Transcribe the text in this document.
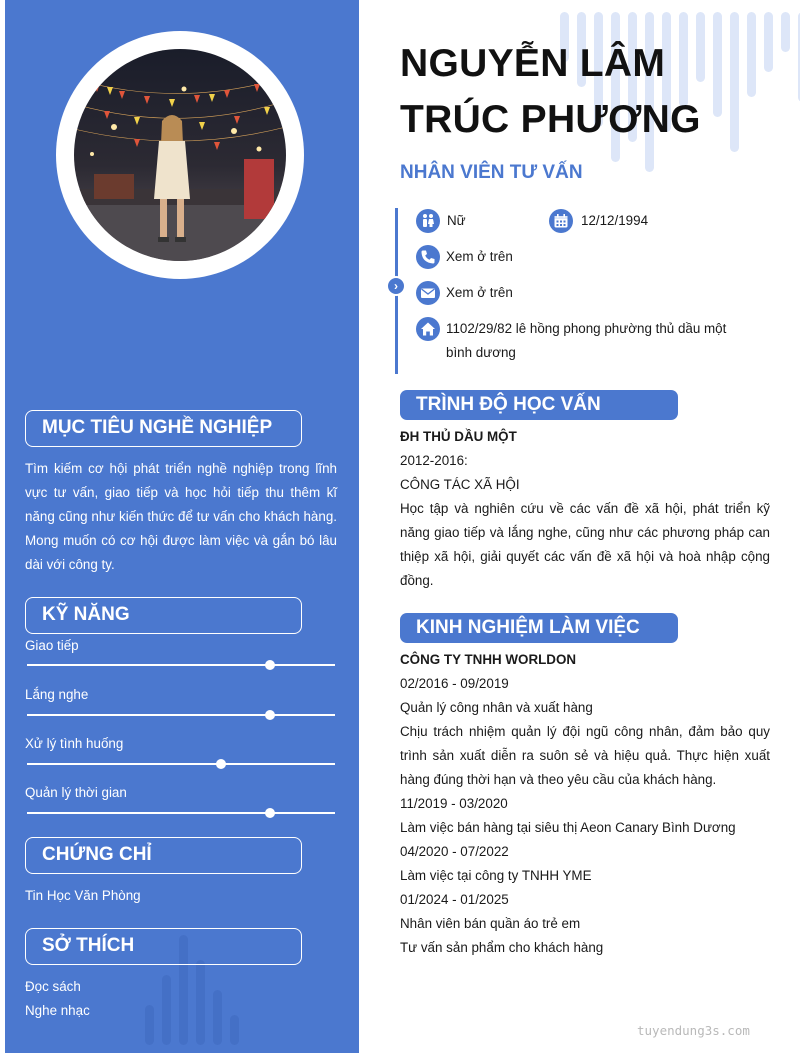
MỤC TIÊU NGHỀ NGHIỆP
Tìm kiếm cơ hội phát triển nghề nghiệp trong lĩnh vực tư vấn, giao tiếp và học hỏi tiếp thu thêm kĩ năng cũng như kiến thức để tư vấn cho khách hàng. Mong muốn có cơ hội được làm việc và gắn bó lâu dài với công ty.
KỸ NĂNG
Giao tiếp
Lắng nghe
Xử lý tình huống
Quản lý thời gian
CHỨNG CHỈ
Tin Học Văn Phòng
SỞ THÍCH
Đọc sách
Nghe nhạc
NGUYỄN LÂM
TRÚC PHƯƠNG
NHÂN VIÊN TƯ VẤN
›
Nữ	12/12/1994
Xem ở trên
Xem ở trên
1102/29/82 lê hồng phong phường thủ dầu một
bình dương
TRÌNH ĐỘ HỌC VẤN
ĐH THỦ DẦU MỘT
2012-2016:
CÔNG TÁC XÃ HỘI
Học tập và nghiên cứu về các vấn đề xã hội, phát triển kỹ năng giao tiếp và lắng nghe, cũng như các phương pháp can thiệp xã hội, giải quyết các vấn đề xã hội và hoà nhập cộng đồng.
KINH NGHIỆM LÀM VIỆC
CÔNG TY TNHH WORLDON
02/2016 - 09/2019
Quản lý công nhân và xuất hàng
Chịu trách nhiệm quản lý đội ngũ công nhân, đảm bảo quy trình sản xuất diễn ra suôn sẻ và hiệu quả. Thực hiện xuất hàng đúng thời hạn và theo yêu cầu của khách hàng.
11/2019 - 03/2020
Làm việc bán hàng tại siêu thị Aeon Canary Bình Dương
04/2020 - 07/2022
Làm việc tại công ty TNHH YME
01/2024 - 01/2025
Nhân viên bán quần áo trẻ em
Tư vấn sản phẩm cho khách hàng
tuyendung3s.com
